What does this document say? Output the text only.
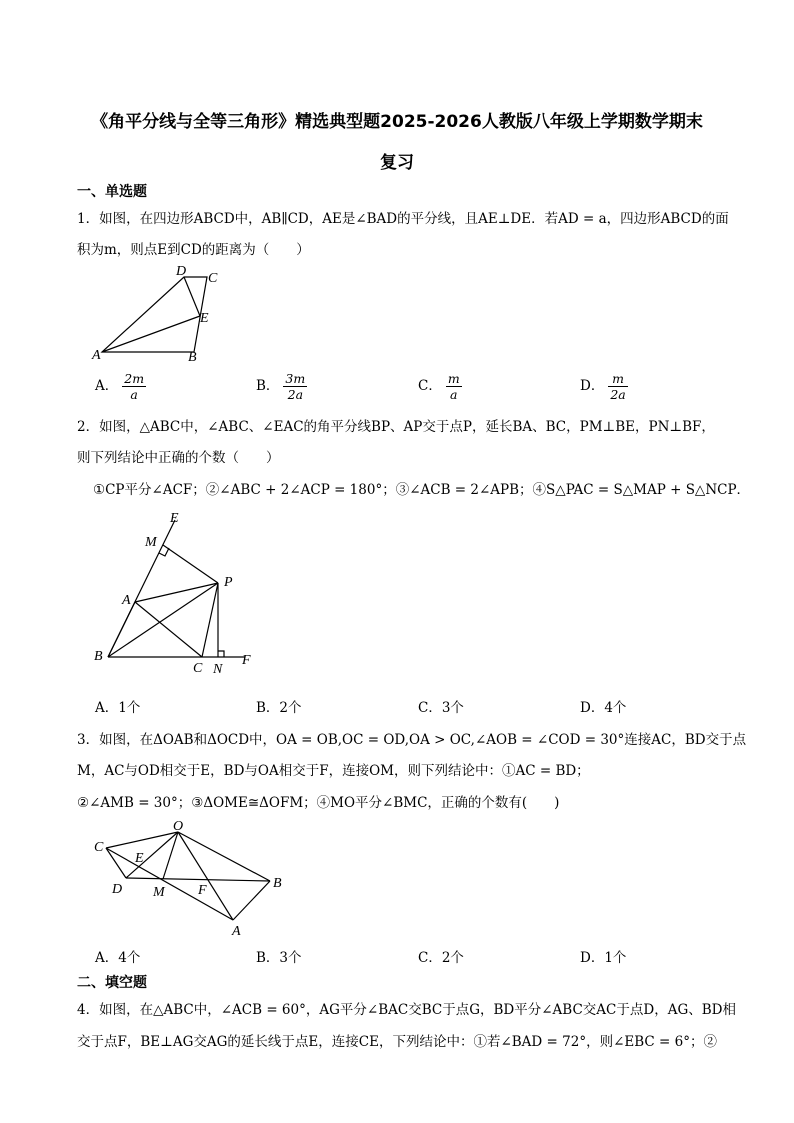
《角平分线与全等三角形》精选典型题2025-2026人教版八年级上学期数学期末
复习
一、单选题
1．如图，在四边形ABCD中，AB∥CD，AE是∠BAD的平分线，且AE⊥DE．若AD = a，四边形ABCD的面
积为m，则点E到CD的距离为（　　）
D C
E
A	B
A． $\frac{2m}{a}$	B． $\frac{3m}{2a}$	C． $\frac{m}{a}$	D． $\frac{m}{2a}$
2．如图，△ABC中，∠ABC、∠EAC的角平分线BP、AP交于点P，延长BA、BC，PM⊥BE，PN⊥BF，
则下列结论中正确的个数（　　）
①CP平分∠ACF；②∠ABC + 2∠ACP = 180°；③∠ACB = 2∠APB；④S△PAC = S△MAP + S△NCP．
E
M
P
A
B
C N
F
A．1个	B．2个	C．3个	D．4个
3．如图，在ΔOAB和ΔOCD中，OA = OB,OC = OD,OA > OC,∠AOB = ∠COD = 30°连接AC，BD交于点
M，AC与OD相交于E，BD与OA相交于F，连接OM，则下列结论中：①AC = BD；
②∠AMB = 30°；③ΔOME≅ΔOFM；④MO平分∠BMC，正确的个数有(　　)
O
C
E
D M F	B
A
A．4个	B．3个	C．2个	D．1个
二、填空题
4．如图，在△ABC中，∠ACB = 60°，AG平分∠BAC交BC于点G，BD平分∠ABC交AC于点D，AG、BD相
交于点F，BE⊥AG交AG的延长线于点E，连接CE，下列结论中：①若∠BAD = 72°，则∠EBC = 6°；②
